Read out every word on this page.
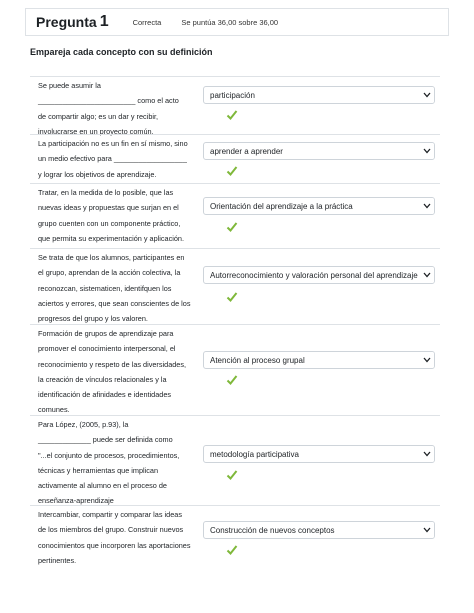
Pregunta 1	Correcta	Se puntúa 36,00 sobre 36,00
Empareja cada concepto con su definición
Se puede asumir la
________________________ como el acto
de compartir algo; es un dar y recibir,
involucrarse en un proyecto común.
participación
La participación no es un fin en sí mismo, sino
un medio efectivo para __________________
y lograr los objetivos de aprendizaje.
aprender a aprender
Tratar, en la medida de lo posible, que las
nuevas ideas y propuestas que surjan en el
grupo cuenten con un componente práctico,
que permita su experimentación y aplicación.
Orientación del aprendizaje a la práctica
Se trata de que los alumnos, participantes en
el grupo, aprendan de la acción colectiva, la
reconozcan, sistematicen, identifquen los
aciertos y errores, que sean conscientes de los
progresos del grupo y los valoren.
Autorreconocimiento y valoración personal del aprendizaje
Formación de grupos de aprendizaje para
promover el conocimiento interpersonal, el
reconocimiento y respeto de las diversidades,
la creación de vínculos relacionales y la
identificación de afinidades e identidades
comunes.
Atención al proceso grupal
Para López, (2005, p.93), la
_____________ puede ser definida como
"...el conjunto de procesos, procedimientos,
técnicas y herramientas que implican
activamente al alumno en el proceso de
enseñanza-aprendizaje
metodología participativa
Intercambiar, compartir y comparar las ideas
de los miembros del grupo. Construir nuevos
conocimientos que incorporen las aportaciones
pertinentes.
Construcción de nuevos conceptos
